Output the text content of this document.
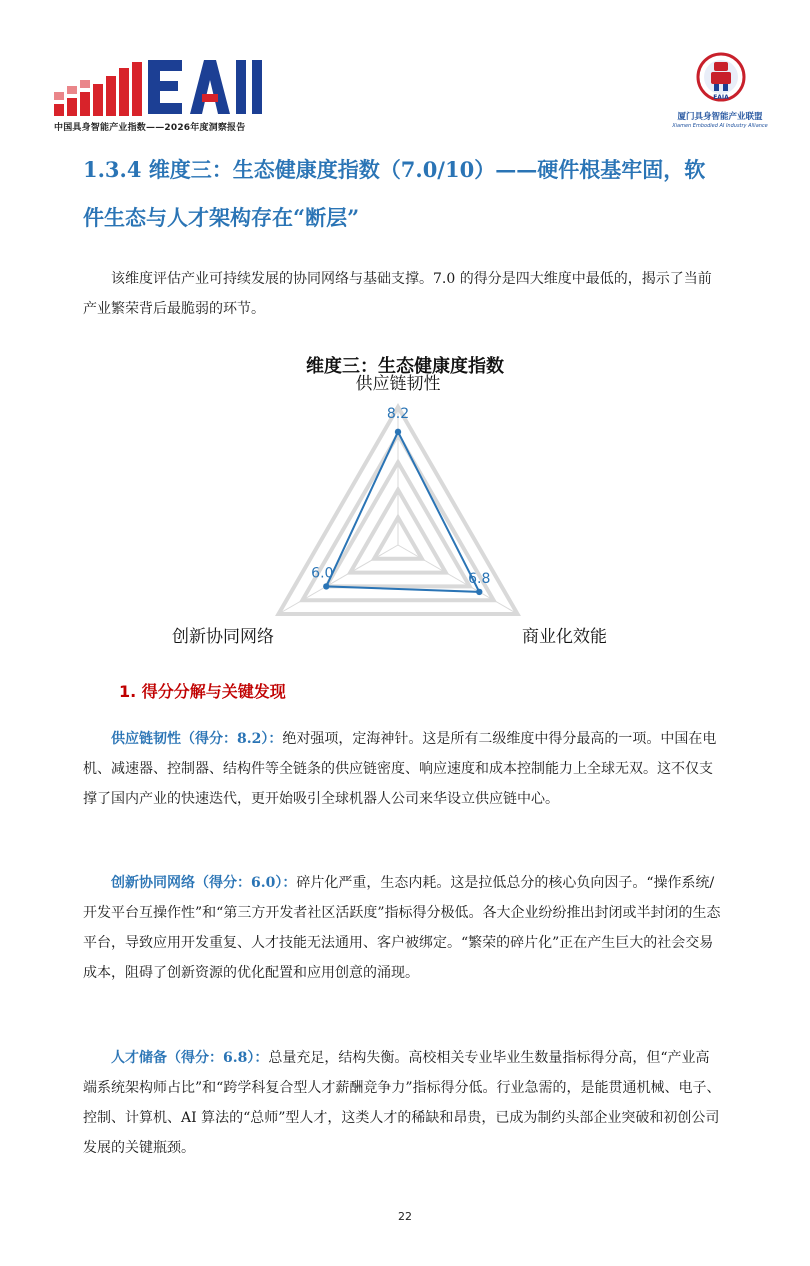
中国具身智能产业指数——2026年度洞察报告
EAIA
厦门具身智能产业联盟
Xiamen Embodied AI Industry Alliance
1.3.4 维度三：生态健康度指数（7.0/10）——硬件根基牢固，软件生态与人才架构存在“断层”

该维度评估产业可持续发展的协同网络与基础支撑。7.0 的得分是四大维度中最低的，揭示了当前产业繁荣背后最脆弱的环节。

维度三：生态健康度指数
8.2
6.8
6.0
供应链韧性
商业化效能
创新协同网络
1. 得分分解与关键发现

供应链韧性（得分：8.2）：绝对强项，定海神针。这是所有二级维度中得分最高的一项。中国在电机、减速器、控制器、结构件等全链条的供应链密度、响应速度和成本控制能力上全球无双。这不仅支撑了国内产业的快速迭代，更开始吸引全球机器人公司来华设立供应链中心。

创新协同网络（得分：6.0）：碎片化严重，生态内耗。这是拉低总分的核心负向因子。“操作系统/开发平台互操作性”和“第三方开发者社区活跃度”指标得分极低。各大企业纷纷推出封闭或半封闭的生态平台，导致应用开发重复、人才技能无法通用、客户被绑定。“繁荣的碎片化”正在产生巨大的社会交易成本，阻碍了创新资源的优化配置和应用创意的涌现。

人才储备（得分：6.8）：总量充足，结构失衡。高校相关专业毕业生数量指标得分高，但“产业高端系统架构师占比”和“跨学科复合型人才薪酬竞争力”指标得分低。行业急需的，是能贯通机械、电子、控制、计算机、AI 算法的“总师”型人才，这类人才的稀缺和昂贵，已成为制约头部企业突破和初创公司发展的关键瓶颈。

22
